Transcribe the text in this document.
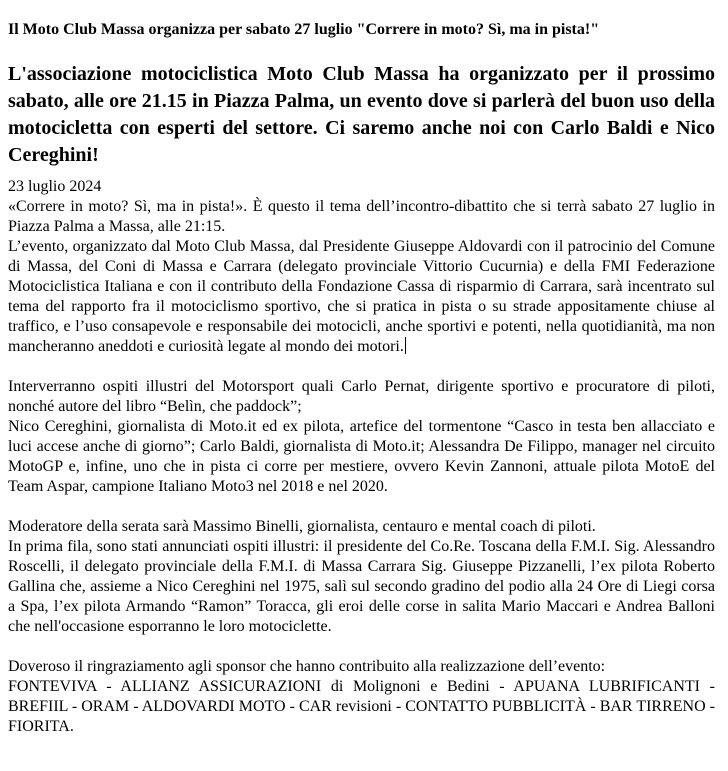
Il Moto Club Massa organizza per sabato 27 luglio "Correre in moto? Sì, ma in pista!"
L'associazione motociclistica Moto Club Massa ha organizzato per il prossimo sabato, alle ore 21.15 in Piazza Palma, un evento dove si parlerà del buon uso della motocicletta con esperti del settore. Ci saremo anche noi con Carlo Baldi e Nico Cereghini!

23 luglio 2024

«Correre in moto? Sì, ma in pista!». È questo il tema dell’incontro-dibattito che si terrà sabato 27 luglio in Piazza Palma a Massa, alle 21:15.

L’evento, organizzato dal Moto Club Massa, dal Presidente Giuseppe Aldovardi con il patrocinio del Comune di Massa, del Coni di Massa e Carrara (delegato provinciale Vittorio Cucurnia) e della FMI Federazione Motociclistica Italiana e con il contributo della Fondazione Cassa di risparmio di Carrara, sarà incentrato sul tema del rapporto fra il motociclismo sportivo, che si pratica in pista o su strade appositamente chiuse al traffico, e l’uso consapevole e responsabile dei motocicli, anche sportivi e potenti, nella quotidianità, ma non mancheranno aneddoti e curiosità legate al mondo dei motori.

Interverranno ospiti illustri del Motorsport quali Carlo Pernat, dirigente sportivo e procuratore di piloti, nonché autore del libro “Belìn, che paddock”;

Nico Cereghini, giornalista di Moto.it ed ex pilota, artefice del tormentone “Casco in testa ben allacciato e luci accese anche di giorno”; Carlo Baldi, giornalista di Moto.it; Alessandra De Filippo, manager nel circuito MotoGP e, infine, uno che in pista ci corre per mestiere, ovvero Kevin Zannoni, attuale pilota MotoE del Team Aspar, campione Italiano Moto3 nel 2018 e nel 2020.

Moderatore della serata sarà Massimo Binelli, giornalista, centauro e mental coach di piloti.

In prima fila, sono stati annunciati ospiti illustri: il presidente del Co.Re. Toscana della F.M.I. Sig. Alessandro Roscelli, il delegato provinciale della F.M.I. di Massa Carrara Sig. Giuseppe Pizzanelli, l’ex pilota Roberto Gallina che, assieme a Nico Cereghini nel 1975, salì sul secondo gradino del podio alla 24 Ore di Liegi corsa a Spa, l’ex pilota Armando “Ramon” Toracca, gli eroi delle corse in salita Mario Maccari e Andrea Balloni che nell'occasione esporranno le loro motociclette.

Doveroso il ringraziamento agli sponsor che hanno contribuito alla realizzazione dell’evento:

FONTEVIVA - ALLIANZ ASSICURAZIONI di Molignoni e Bedini - APUANA LUBRIFICANTI - BREFIIL - ORAM - ALDOVARDI MOTO - CAR revisioni - CONTATTO PUBBLICITÀ - BAR TIRRENO - FIORITA.
